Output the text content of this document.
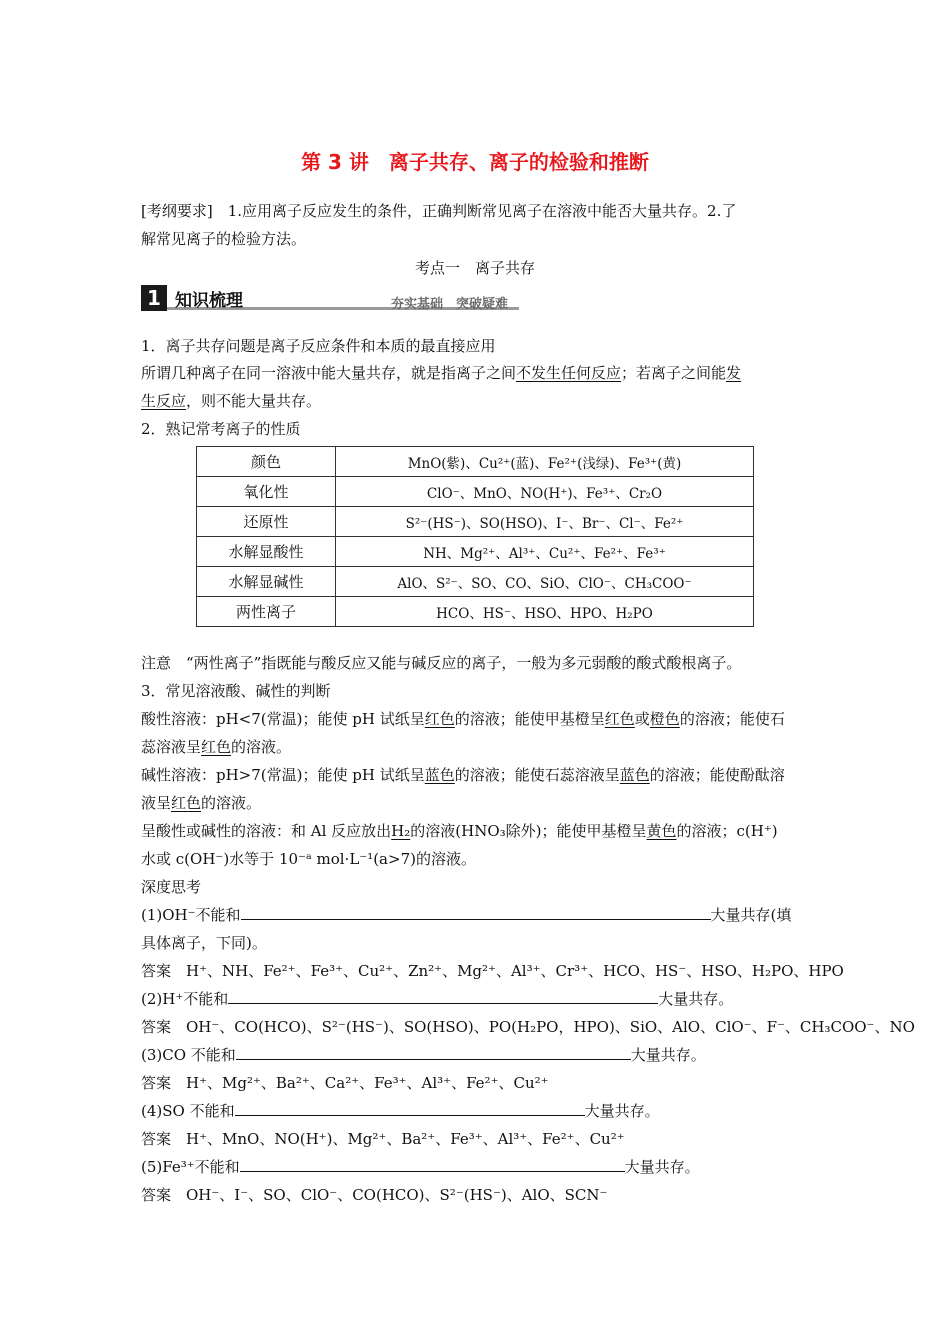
第 3 讲　离子共存、离子的检验和推断
[考纲要求]　1.应用离子反应发生的条件，正确判断常见离子在溶液中能否大量共存。2.了
解常见离子的检验方法。
考点一　离子共存
1 知识梳理	夯实基础　突破疑难
1．离子共存问题是离子反应条件和本质的最直接应用
所谓几种离子在同一溶液中能大量共存，就是指离子之间不发生任何反应；若离子之间能发
生反应，则不能大量共存。
2．熟记常考离子的性质
颜色	MnO(紫)、Cu²⁺(蓝)、Fe²⁺(浅绿)、Fe³⁺(黄)
氧化性	ClO⁻、MnO、NO(H⁺)、Fe³⁺、Cr₂O
还原性	S²⁻(HS⁻)、SO(HSO)、I⁻、Br⁻、Cl⁻、Fe²⁺
水解显酸性	NH、Mg²⁺、Al³⁺、Cu²⁺、Fe²⁺、Fe³⁺
水解显碱性	AlO、S²⁻、SO、CO、SiO、ClO⁻、CH₃COO⁻
两性离子	HCO、HS⁻、HSO、HPO、H₂PO
注意　“两性离子”指既能与酸反应又能与碱反应的离子，一般为多元弱酸的酸式酸根离子。
3．常见溶液酸、碱性的判断
酸性溶液：pH<7(常温)；能使 pH 试纸呈红色的溶液；能使甲基橙呈红色或橙色的溶液；能使石
蕊溶液呈红色的溶液。
碱性溶液：pH>7(常温)；能使 pH 试纸呈蓝色的溶液；能使石蕊溶液呈蓝色的溶液；能使酚酞溶
液呈红色的溶液。
呈酸性或碱性的溶液：和 Al 反应放出H₂的溶液(HNO₃除外)；能使甲基橙呈黄色的溶液；c(H⁺)
水或 c(OH⁻)水等于 10⁻ᵃ mol·L⁻¹(a>7)的溶液。
深度思考
(1)OH⁻不能和	大量共存(填
具体离子，下同)。
答案　H⁺、NH、Fe²⁺、Fe³⁺、Cu²⁺、Zn²⁺、Mg²⁺、Al³⁺、Cr³⁺、HCO、HS⁻、HSO、H₂PO、HPO
(2)H⁺不能和	大量共存。
答案　OH⁻、CO(HCO)、S²⁻(HS⁻)、SO(HSO)、PO(H₂PO，HPO)、SiO、AlO、ClO⁻、F⁻、CH₃COO⁻、NO
(3)CO 不能和	大量共存。
答案　H⁺、Mg²⁺、Ba²⁺、Ca²⁺、Fe³⁺、Al³⁺、Fe²⁺、Cu²⁺
(4)SO 不能和	大量共存。
答案　H⁺、MnO、NO(H⁺)、Mg²⁺、Ba²⁺、Fe³⁺、Al³⁺、Fe²⁺、Cu²⁺
(5)Fe³⁺不能和	大量共存。
答案　OH⁻、I⁻、SO、ClO⁻、CO(HCO)、S²⁻(HS⁻)、AlO、SCN⁻
